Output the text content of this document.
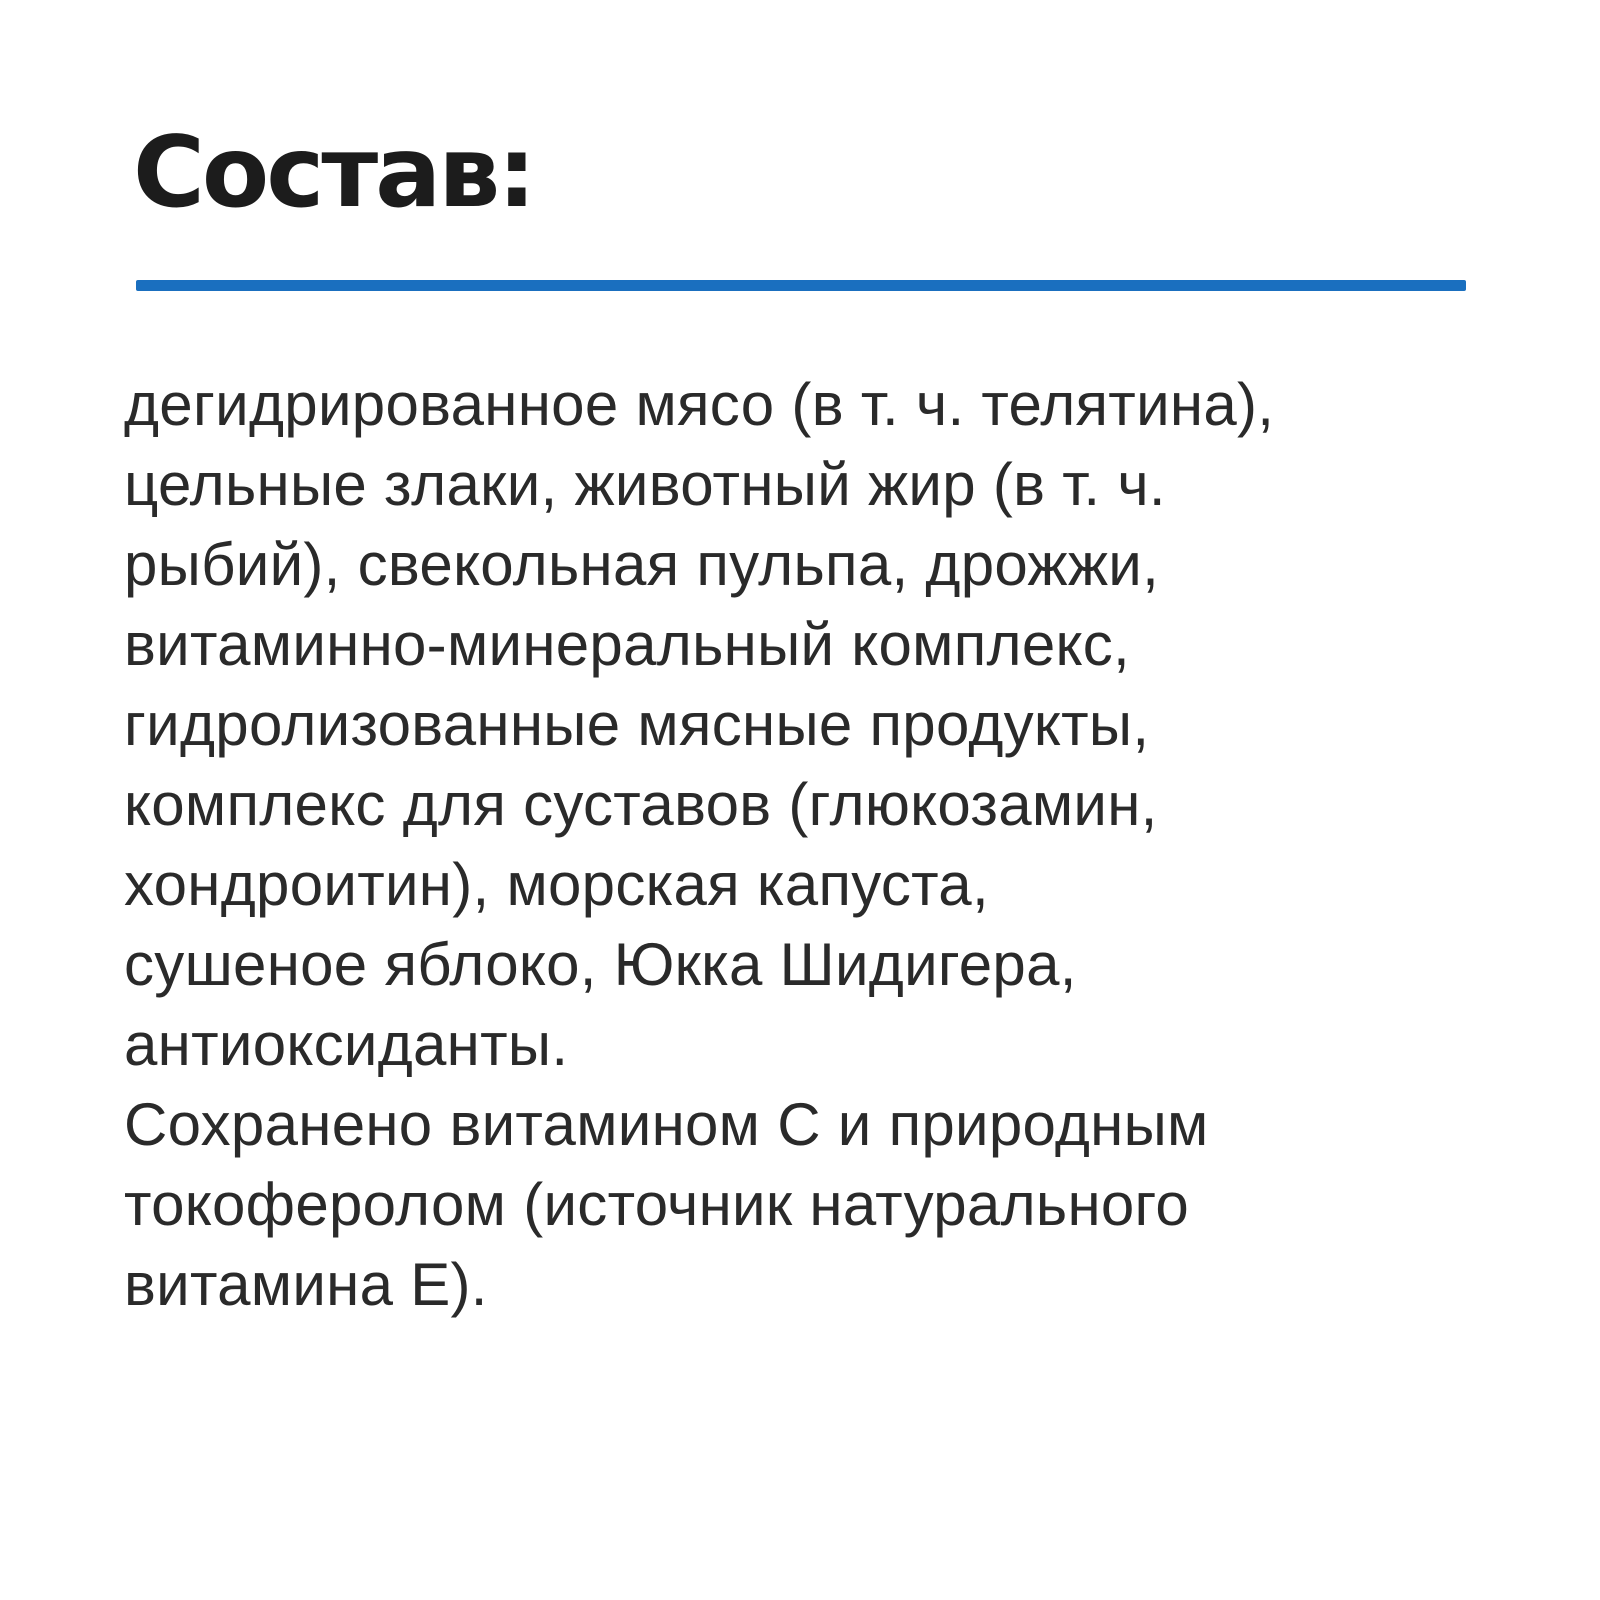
Состав:
дегидрированное мясо (в т. ч. телятина),
цельные злаки, животный жир (в т. ч.
рыбий), свекольная пульпа, дрожжи,
витаминно-минеральный комплекс,
гидролизованные мясные продукты,
комплекс для суставов (глюкозамин,
хондроитин), морская капуста,
сушеное яблоко, Юкка Шидигера,
антиоксиданты.
Сохранено витамином С и природным
токоферолом (источник натурального
витамина Е).
